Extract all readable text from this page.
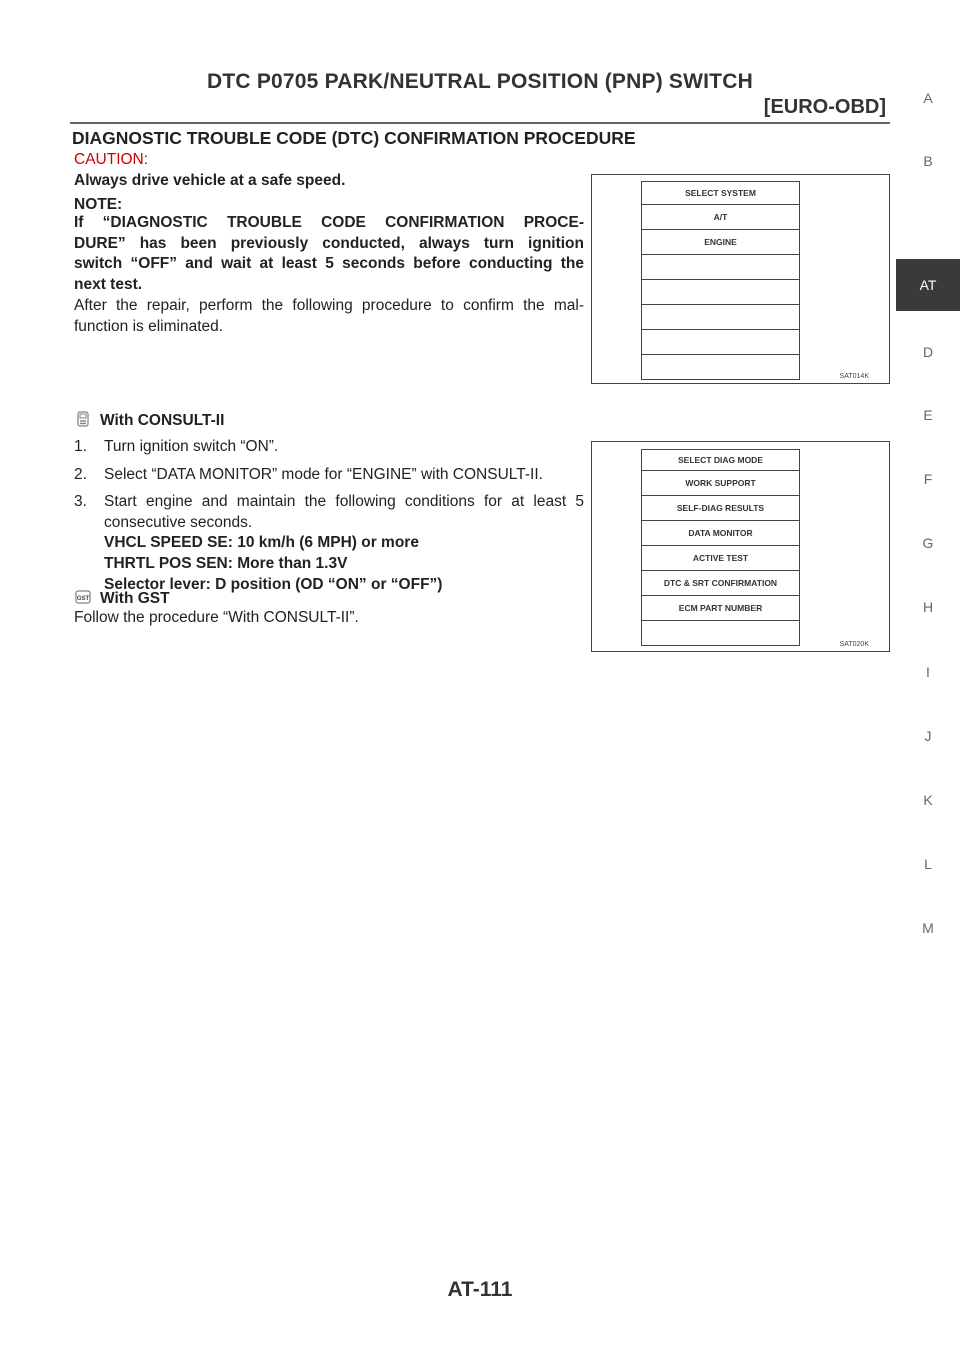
DTC P0705 PARK/NEUTRAL POSITION (PNP) SWITCH
[EURO-OBD]
DIAGNOSTIC TROUBLE CODE (DTC) CONFIRMATION PROCEDURE
CAUTION:
Always drive vehicle at a safe speed.
NOTE:
If “DIAGNOSTIC TROUBLE CODE CONFIRMATION PROCE-
DURE” has been previously conducted, always turn ignition
switch “OFF” and wait at least 5 seconds before conducting the
next test.
After the repair, perform the following procedure to confirm the mal-
function is eliminated.
SELECT SYSTEM
A/T
ENGINE
SAT014K
With CONSULT-II
1. Turn ignition switch “ON”.
2. Select “DATA MONITOR” mode for “ENGINE” with CONSULT-II.
3. Start engine and maintain the following conditions for at least 5
consecutive seconds.
VHCL SPEED SE: 10 km/h (6 MPH) or more
THRTL POS SEN: More than 1.3V
Selector lever: D position (OD “ON” or “OFF”)
GST With GST
Follow the procedure “With CONSULT-II”.
SELECT DIAG MODE
WORK SUPPORT
SELF-DIAG RESULTS
DATA MONITOR
ACTIVE TEST
DTC & SRT CONFIRMATION
ECM PART NUMBER
SAT020K
A
B
AT
D
E
F
G
H
I
J
K
L
M
AT-111
